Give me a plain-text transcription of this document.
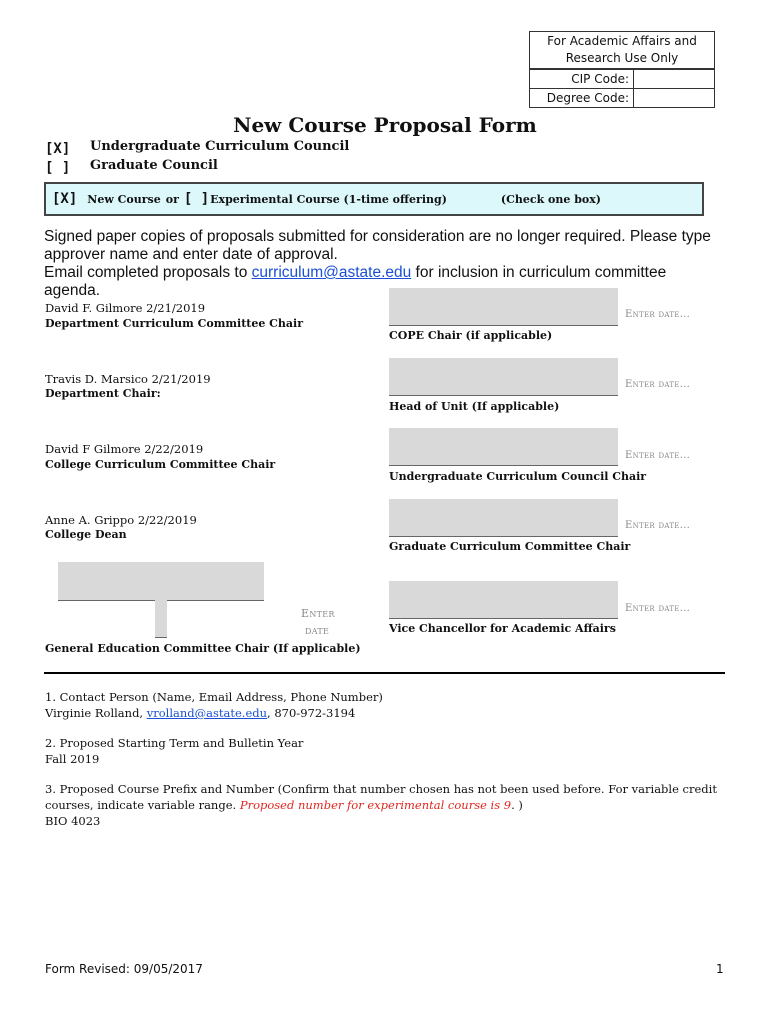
For Academic Affairs and Research Use Only
CIP Code:
Degree Code:
New Course Proposal Form
[X] Undergraduate Curriculum Council
[ ] Graduate Council
[X] New Course or [ ] Experimental Course (1-time offering)	(Check one box)
Signed paper copies of proposals submitted for consideration are no longer required. Please type approver name and enter date of approval.
Email completed proposals to curriculum@astate.edu for inclusion in curriculum committee agenda.
David F. Gilmore 2/21/2019
Department Curriculum Committee Chair
Travis D. Marsico 2/21/2019
Department Chair:
David F Gilmore 2/22/2019
College Curriculum Committee Chair
Anne A. Grippo 2/22/2019
College Dean
Enter date...
COPE Chair (if applicable)
Enter date...
Head of Unit (If applicable)
Enter date...
Undergraduate Curriculum Council Chair
Enter date...
Graduate Curriculum Committee Chair
Enter date...
Vice Chancellor for Academic Affairs
Enter
date
General Education Committee Chair (If applicable)
1. Contact Person (Name, Email Address, Phone Number)
Virginie Rolland, vrolland@astate.edu, 870-972-3194
2. Proposed Starting Term and Bulletin Year
Fall 2019
3. Proposed Course Prefix and Number (Confirm that number chosen has not been used before. For variable credit courses, indicate variable range. Proposed number for experimental course is 9. )
BIO 4023
Form Revised: 09/05/2017	1
